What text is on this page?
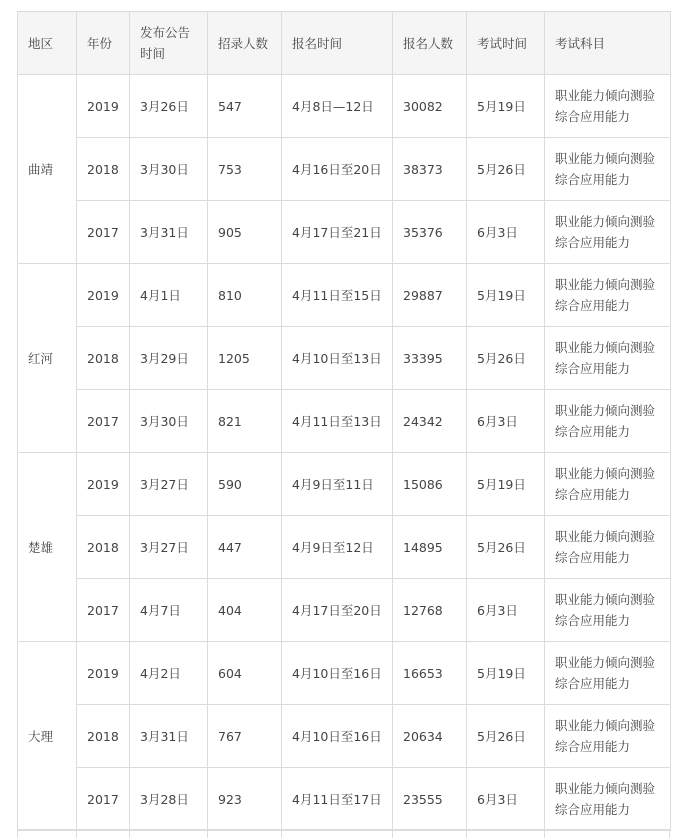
地区	年份	发布公告时间	招录人数	报名时间	报名人数	考试时间	考试科目
曲靖	2019	3月26日	547	4月8日—12日	30082	5月19日	职业能力倾向测验
综合应用能力

	2018	3月30日	753	4月16日至20日	38373	5月26日	职业能力倾向测验
综合应用能力

	2017	3月31日	905	4月17日至21日	35376	6月3日	职业能力倾向测验
综合应用能力

红河	2019	4月1日	810	4月11日至15日	29887	5月19日	职业能力倾向测验
综合应用能力

	2018	3月29日	1205	4月10日至13日	33395	5月26日	职业能力倾向测验
综合应用能力

	2017	3月30日	821	4月11日至13日	24342	6月3日	职业能力倾向测验
综合应用能力

楚雄	2019	3月27日	590	4月9日至11日	15086	5月19日	职业能力倾向测验
综合应用能力

	2018	3月27日	447	4月9日至12日	14895	5月26日	职业能力倾向测验
综合应用能力

	2017	4月7日	404	4月17日至20日	12768	6月3日	职业能力倾向测验
综合应用能力

大理	2019	4月2日	604	4月10日至16日	16653	5月19日	职业能力倾向测验
综合应用能力

	2018	3月31日	767	4月10日至16日	20634	5月26日	职业能力倾向测验
综合应用能力

	2017	3月28日	923	4月11日至17日	23555	6月3日	职业能力倾向测验
综合应用能力
